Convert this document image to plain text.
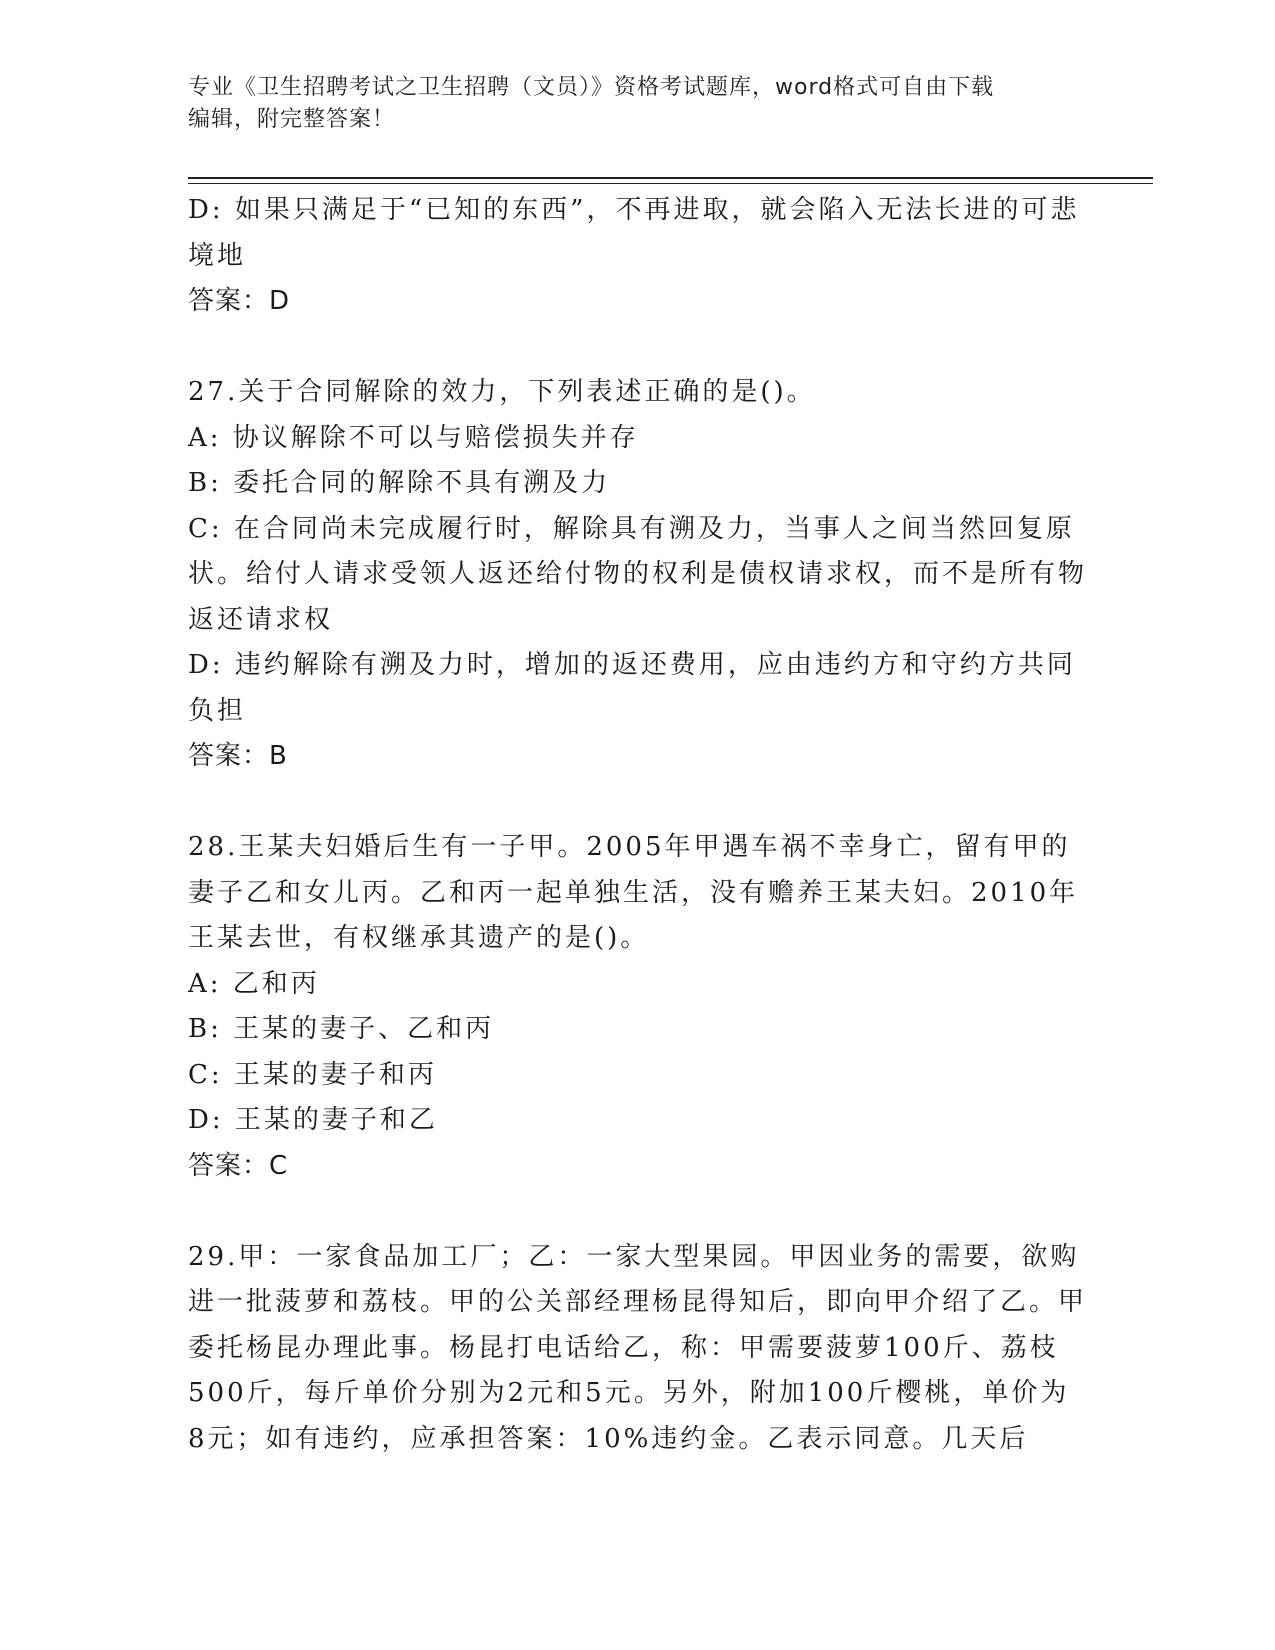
专业《卫生招聘考试之卫生招聘（文员）》资格考试题库，word格式可自由下载
编辑，附完整答案！

D: 如果只满足于“已知的东西”，不再进取，就会陷入无法长进的可悲境地

答案：D

27.关于合同解除的效力，下列表述正确的是()。

A: 协议解除不可以与赔偿损失并存

B: 委托合同的解除不具有溯及力

C: 在合同尚未完成履行时，解除具有溯及力，当事人之间当然回复原状。给付人请求受领人返还给付物的权利是债权请求权，而不是所有物返还请求权

D: 违约解除有溯及力时，增加的返还费用，应由违约方和守约方共同负担

答案：B

28.王某夫妇婚后生有一子甲。2005年甲遇车祸不幸身亡，留有甲的妻子乙和女儿丙。乙和丙一起单独生活，没有赡养王某夫妇。2010年王某去世，有权继承其遗产的是()。

A: 乙和丙

B: 王某的妻子、乙和丙

C: 王某的妻子和丙

D: 王某的妻子和乙

答案：C

29.甲：一家食品加工厂；乙：一家大型果园。甲因业务的需要，欲购进一批菠萝和荔枝。甲的公关部经理杨昆得知后，即向甲介绍了乙。甲委托杨昆办理此事。杨昆打电话给乙，称：甲需要菠萝100斤、荔枝500斤，每斤单价分别为2元和5元。另外，附加100斤樱桃，单价为8元；如有违约，应承担答案：10%违约金。乙表示同意。几天后
